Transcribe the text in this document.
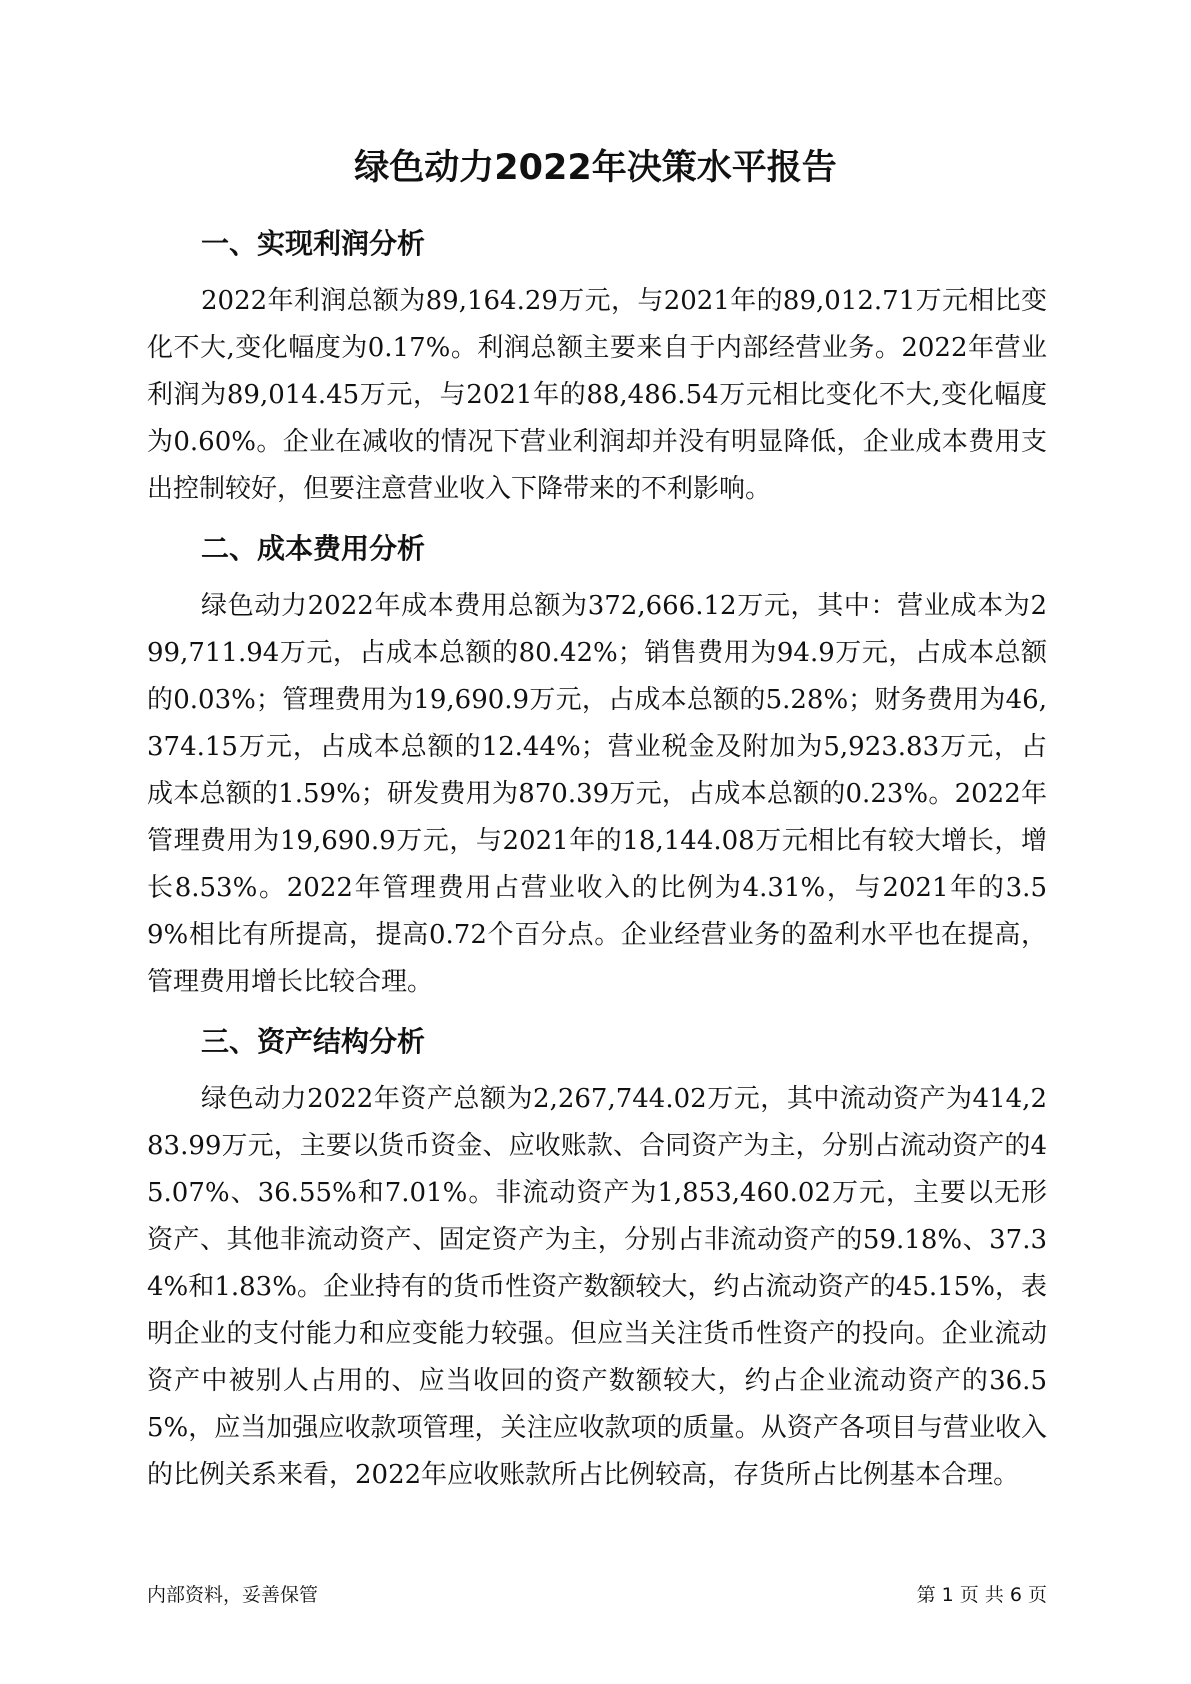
绿色动力2022年决策水平报告
一、实现利润分析

2022年利润总额为89,164.29万元，与2021年的89,012.71万元相比变化不大,变化幅度为0.17%。利润总额主要来自于内部经营业务。2022年营业利润为89,014.45万元，与2021年的88,486.54万元相比变化不大,变化幅度为0.60%。企业在减收的情况下营业利润却并没有明显降低，企业成本费用支出控制较好，但要注意营业收入下降带来的不利影响。

二、成本费用分析

绿色动力2022年成本费用总额为372,666.12万元，其中：营业成本为299,711.94万元，占成本总额的80.42%；销售费用为94.9万元，占成本总额的0.03%；管理费用为19,690.9万元，占成本总额的5.28%；财务费用为46,374.15万元，占成本总额的12.44%；营业税金及附加为5,923.83万元，占成本总额的1.59%；研发费用为870.39万元，占成本总额的0.23%。2022年管理费用为19,690.9万元，与2021年的18,144.08万元相比有较大增长，增长8.53%。2022年管理费用占营业收入的比例为4.31%，与2021年的3.59%相比有所提高，提高0.72个百分点。企业经营业务的盈利水平也在提高，管理费用增长比较合理。

三、资产结构分析

绿色动力2022年资产总额为2,267,744.02万元，其中流动资产为414,283.99万元，主要以货币资金、应收账款、合同资产为主，分别占流动资产的45.07%、36.55%和7.01%。非流动资产为1,853,460.02万元，主要以无形资产、其他非流动资产、固定资产为主，分别占非流动资产的59.18%、37.34%和1.83%。企业持有的货币性资产数额较大，约占流动资产的45.15%，表明企业的支付能力和应变能力较强。但应当关注货币性资产的投向。企业流动资产中被别人占用的、应当收回的资产数额较大，约占企业流动资产的36.55%，应当加强应收款项管理，关注应收款项的质量。从资产各项目与营业收入的比例关系来看，2022年应收账款所占比例较高，存货所占比例基本合理。

内部资料，妥善保管	第 1 页 共 6 页
